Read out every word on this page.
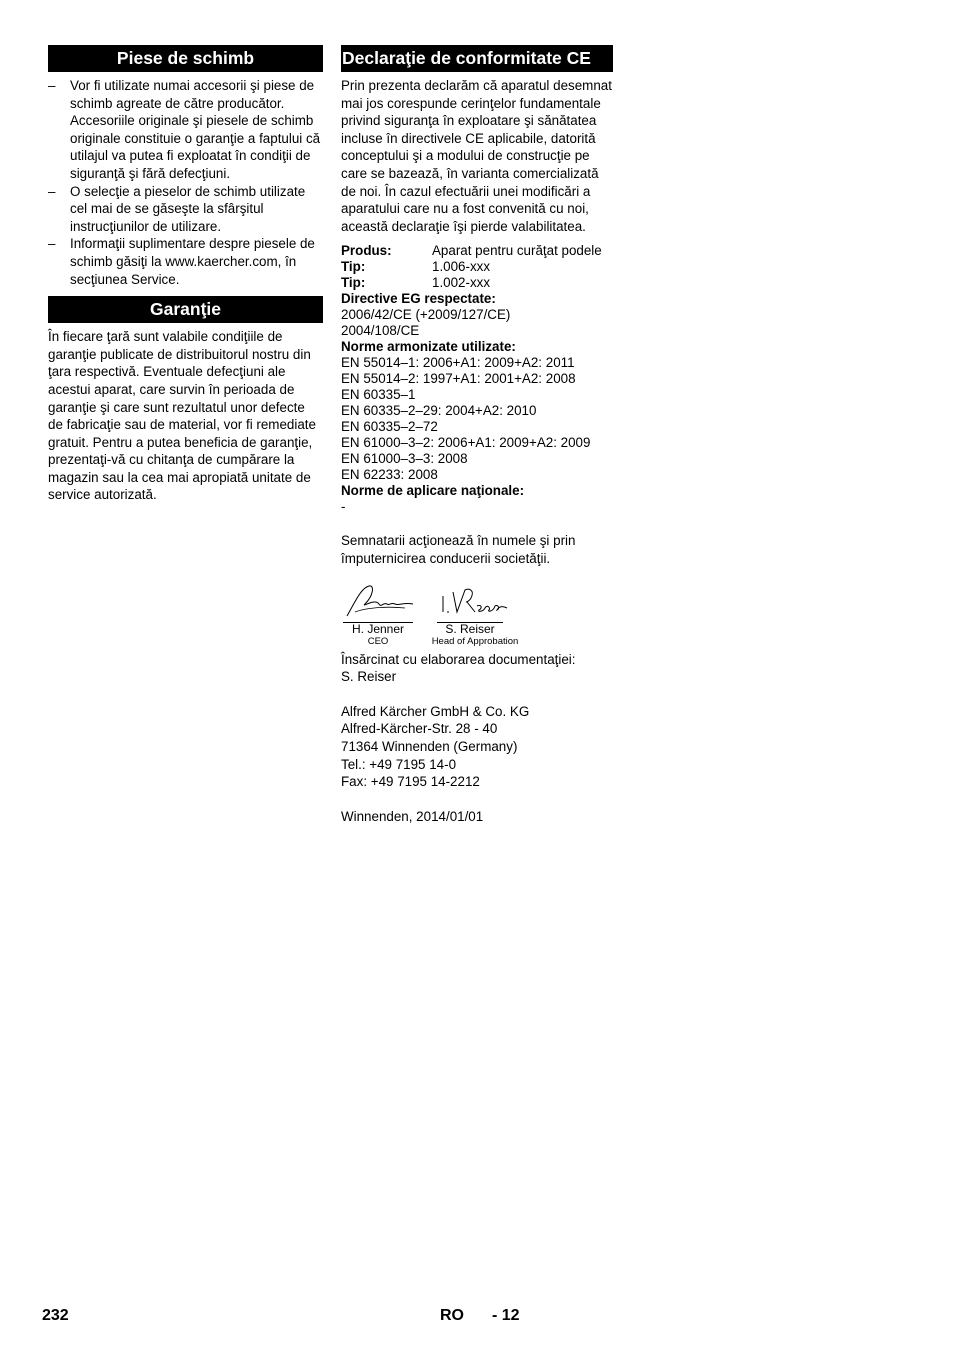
Piese de schimb
– Vor fi utilizate numai accesorii şi piese de schimb agreate de către producător. Accesoriile originale şi piesele de schimb originale constituie o garanţie a faptului că utilajul va putea fi exploatat în condiţii de siguranţă şi fără defecţiuni.
– O selecţie a pieselor de schimb utilizate cel mai de se găseşte la sfârşitul instrucţiunilor de utilizare.
– Informaţii suplimentare despre piesele de schimb găsiţi la www.kaercher.com, în secţiunea Service.
Garanţie

În fiecare ţară sunt valabile condiţiile de garanţie publicate de distribuitorul nostru din ţara respectivă. Eventuale defecţiuni ale acestui aparat, care survin în perioada de garanţie şi care sunt rezultatul unor defecte de fabricaţie sau de material, vor fi remediate gratuit. Pentru a putea beneficia de garanţie, prezentaţi-vă cu chitanţa de cumpărare la magazin sau la cea mai apropiată unitate de service autorizată.

Declaraţie de conformitate CE

Prin prezenta declarăm că aparatul desemnat mai jos corespunde cerinţelor fundamentale privind siguranţa în exploatare şi sănătatea incluse în directivele CE aplicabile, datorită conceptului şi a modului de construcţie pe care se bazează, în varianta comercializată de noi. În cazul efectuării unei modificări a aparatului care nu a fost convenită cu noi, această declaraţie îşi pierde valabilitatea.

Produs:	Aparat pentru curăţat podele
Tip:	1.006-xxx
Tip:	1.002-xxx
Directive EG respectate:
2006/42/CE (+2009/127/CE)
2004/108/CE
Norme armonizate utilizate:
EN 55014–1: 2006+A1: 2009+A2: 2011
EN 55014–2: 1997+A1: 2001+A2: 2008
EN 60335–1
EN 60335–2–29: 2004+A2: 2010
EN 60335–2–72
EN 61000–3–2: 2006+A1: 2009+A2: 2009
EN 61000–3–3: 2008
EN 62233: 2008
Norme de aplicare naţionale:
-

Semnatarii acţionează în numele şi prin împuternicirea conducerii societăţii.

H. Jenner
CEO
S. Reiser
Head of Approbation

Însărcinat cu elaborarea documentaţiei:

S. Reiser

Alfred Kärcher GmbH & Co. KG

Alfred-Kärcher-Str. 28 - 40

71364 Winnenden (Germany)

Tel.: +49 7195 14-0

Fax: +49 7195 14-2212

Winnenden, 2014/01/01

232	RO - 12
